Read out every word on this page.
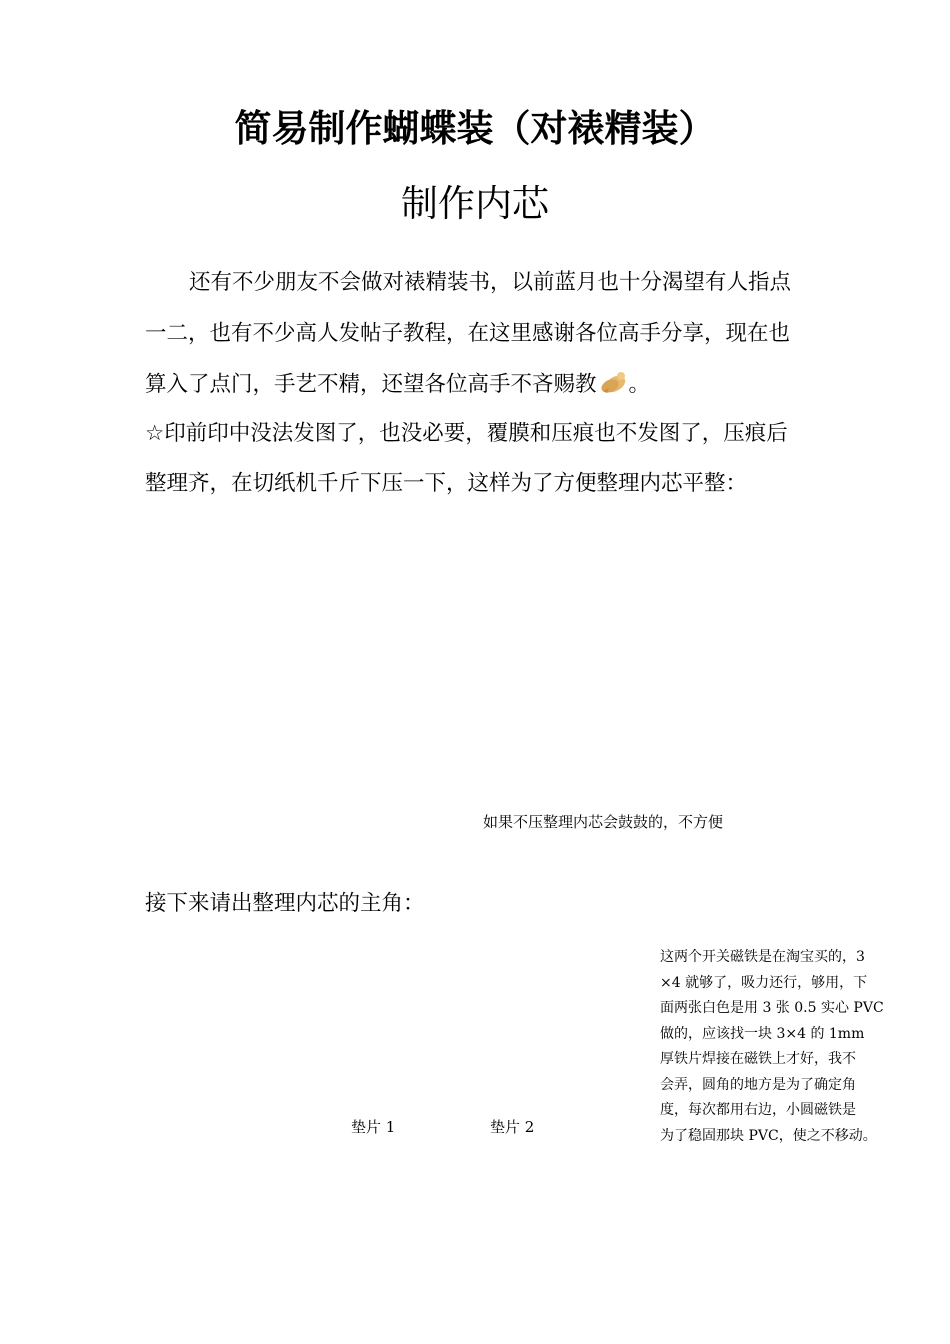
简易制作蝴蝶装（对裱精装）
制作内芯
还有不少朋友不会做对裱精装书，以前蓝月也十分渴望有人指点
一二，也有不少高人发帖子教程，在这里感谢各位高手分享，现在也
算入了点门，手艺不精，还望各位高手不吝赐教 。
☆印前印中没法发图了，也没必要，覆膜和压痕也不发图了，压痕后
整理齐，在切纸机千斤下压一下，这样为了方便整理内芯平整：
如果不压整理内芯会鼓鼓的，不方便
接下来请出整理内芯的主角：
垫片 1	垫片 2
这两个开关磁铁是在淘宝买的，3
×4 就够了，吸力还行，够用，下
面两张白色是用 3 张 0.5 实心 PVC
做的，应该找一块 3×4 的 1mm
厚铁片焊接在磁铁上才好，我不
会弄，圆角的地方是为了确定角
度，每次都用右边，小圆磁铁是
为了稳固那块 PVC，使之不移动。
